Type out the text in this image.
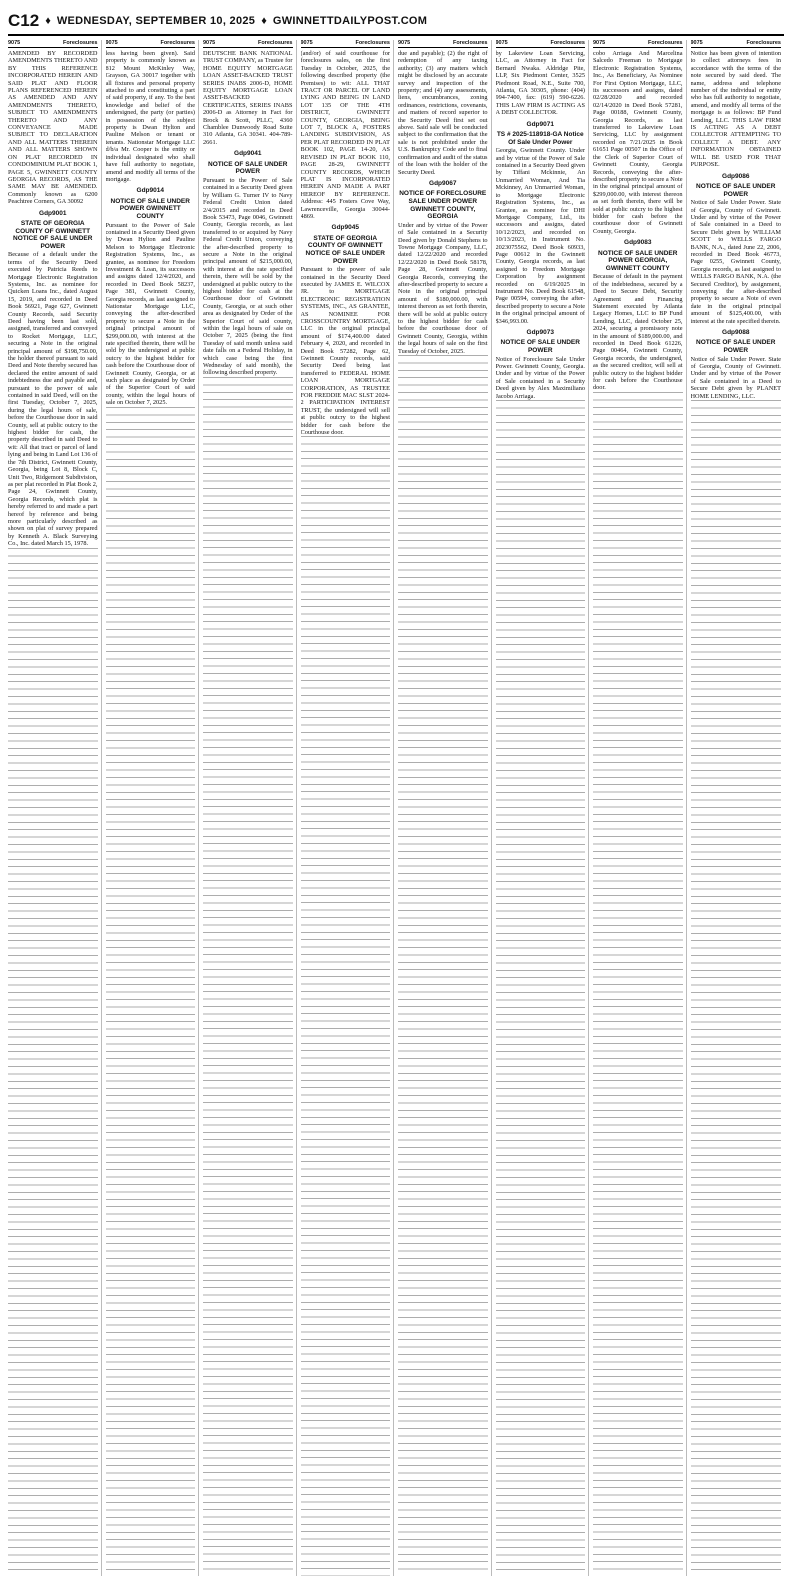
C12 ♦ WEDNESDAY, SEPTEMBER 10, 2025 ♦ GWINNETTDAILYPOST.COM
9075	Foreclosures
AMENDED BY RECORDED AMENDMENTS THERETO AND BY THIS REFERENCE INCORPORATED HEREIN AND SAID PLAT AND FLOOR PLANS REFERENCED HEREIN AS AMENDED AND ANY AMENDMENTS THERETO, SUBJECT TO AMENDMENTS THERETO AND ANY CONVEYANCE MADE SUBJECT TO DECLARATION AND ALL MATTERS THEREIN AND ALL MATTERS SHOWN ON PLAT RECORDED IN CONDOMINIUM PLAT BOOK 1, PAGE 5, GWINNETT COUNTY GEORGIA RECORDS, AS THE SAME MAY BE AMENDED. Commonly known as 6200 Peachtree Corners, GA 30092
Gdp9001
STATE OF GEORGIA COUNTY OF GWINNETT NOTICE OF SALE UNDER POWER
Because of a default under the terms of the Security Deed executed by Patricia Reeds to Mortgage Electronic Registration Systems, Inc. as nominee for Quicken Loans Inc., dated August 15, 2019, and recorded in Deed Book 56921, Page 627, Gwinnett County Records, said Security Deed having been last sold, assigned, transferred and conveyed to Rocket Mortgage, LLC, securing a Note in the original principal amount of $198,750.00, the holder thereof pursuant to said Deed and Note thereby secured has declared the entire amount of said indebtedness due and payable and, pursuant to the power of sale contained in said Deed, will on the first Tuesday, October 7, 2025, during the legal hours of sale, before the Courthouse door in said County, sell at public outcry to the highest bidder for cash, the property described in said Deed to wit: All that tract or parcel of land lying and being in Land Lot 136 of the 7th District, Gwinnett County, Georgia, being Lot 8, Block C, Unit Two, Ridgemont Subdivision, as per plat recorded in Plat Book 2, Page 24, Gwinnett County, Georgia Records, which plat is hereby referred to and made a part hereof by reference and being more particularly described as shown on plat of survey prepared by Kenneth A. Black Surveying Co., Inc. dated March 15, 1978.
9075	Foreclosures
less having been given). Said property is commonly known as 812 Mount McKinley Way, Grayson, GA 30017 together with all fixtures and personal property attached to and constituting a part of said property, if any. To the best knowledge and belief of the undersigned, the party (or parties) in possession of the subject property is Dwan Hylton and Pauline Melson or tenant or tenants. Nationstar Mortgage LLC d/b/a Mr. Cooper is the entity or individual designated who shall have full authority to negotiate, amend and modify all terms of the mortgage.
Gdp9014
NOTICE OF SALE UNDER POWER GWINNETT COUNTY
Pursuant to the Power of Sale contained in a Security Deed given by Dwan Hylton and Pauline Melson to Mortgage Electronic Registration Systems, Inc., as grantee, as nominee for Freedom Investment & Loan, its successors and assigns dated 12/4/2020, and recorded in Deed Book 58237, Page 381, Gwinnett County, Georgia records, as last assigned to Nationstar Mortgage LLC, conveying the after-described property to secure a Note in the original principal amount of $299,000.00, with interest at the rate specified therein, there will be sold by the undersigned at public outcry to the highest bidder for cash before the Courthouse door of Gwinnett County, Georgia, or at such place as designated by Order of the Superior Court of said county, within the legal hours of sale on October 7, 2025.
9075	Foreclosures
DEUTSCHE BANK NATIONAL TRUST COMPANY, as Trustee for HOME EQUITY MORTGAGE LOAN ASSET-BACKED TRUST SERIES INABS 2006-D, HOME EQUITY MORTGAGE LOAN ASSET-BACKED CERTIFICATES, SERIES INABS 2006-D as Attorney in Fact for Brock & Scott, PLLC, 4360 Chamblee Dunwoody Road Suite 310 Atlanta, GA 30341. 404-789-2661.
Gdp9041
NOTICE OF SALE UNDER POWER
Pursuant to the Power of Sale contained in a Security Deed given by William G. Turner IV to Navy Federal Credit Union dated 2/4/2015 and recorded in Deed Book 53473, Page 0046, Gwinnett County, Georgia records, as last transferred to or acquired by Navy Federal Credit Union, conveying the after-described property to secure a Note in the original principal amount of $215,000.00, with interest at the rate specified therein, there will be sold by the undersigned at public outcry to the highest bidder for cash at the Courthouse door of Gwinnett County, Georgia, or at such other area as designated by Order of the Superior Court of said county, within the legal hours of sale on October 7, 2025 (being the first Tuesday of said month unless said date falls on a Federal Holiday, in which case being the first Wednesday of said month), the following described property.
9075	Foreclosures
(and/or) of said courthouse for foreclosures sales, on the first Tuesday in October, 2025, the following described property (the Premises) to wit: ALL THAT TRACT OR PARCEL OF LAND LYING AND BEING IN LAND LOT 135 OF THE 4TH DISTRICT, GWINNETT COUNTY, GEORGIA, BEING LOT 7, BLOCK A, FOSTERS LANDING SUBDIVISION, AS PER PLAT RECORDED IN PLAT BOOK 102, PAGE 14-20, AS REVISED IN PLAT BOOK 110, PAGE 28-29, GWINNETT COUNTY RECORDS, WHICH PLAT IS INCORPORATED HEREIN AND MADE A PART HEREOF BY REFERENCE. Address: 445 Fosters Cove Way, Lawrenceville, Georgia 30044-4869.
Gdp9045
STATE OF GEORGIA COUNTY OF GWINNETT NOTICE OF SALE UNDER POWER
Pursuant to the power of sale contained in the Security Deed executed by JAMES E. WILCOX JR. to MORTGAGE ELECTRONIC REGISTRATION SYSTEMS, INC., AS GRANTEE, AS NOMINEE FOR CROSSCOUNTRY MORTGAGE, LLC in the original principal amount of $174,400.00 dated February 4, 2020, and recorded in Deed Book 57282, Page 62, Gwinnett County records, said Security Deed being last transferred to FEDERAL HOME LOAN MORTGAGE CORPORATION, AS TRUSTEE FOR FREDDIE MAC SLST 2024-2 PARTICIPATION INTEREST TRUST, the undersigned will sell at public outcry to the highest bidder for cash before the Courthouse door.
9075	Foreclosures
due and payable); (2) the right of redemption of any taxing authority; (3) any matters which might be disclosed by an accurate survey and inspection of the property; and (4) any assessments, liens, encumbrances, zoning ordinances, restrictions, covenants, and matters of record superior to the Security Deed first set out above. Said sale will be conducted subject to the confirmation that the sale is not prohibited under the U.S. Bankruptcy Code and to final confirmation and audit of the status of the loan with the holder of the Security Deed.
Gdp9067
NOTICE OF FORECLOSURE SALE UNDER POWER GWINNETT COUNTY, GEORGIA
Under and by virtue of the Power of Sale contained in a Security Deed given by Donald Stephens to Towne Mortgage Company, LLC, dated 12/22/2020 and recorded 12/22/2020 in Deed Book 58178, Page 28, Gwinnett County, Georgia Records, conveying the after-described property to secure a Note in the original principal amount of $180,000.00, with interest thereon as set forth therein, there will be sold at public outcry to the highest bidder for cash before the courthouse door of Gwinnett County, Georgia, within the legal hours of sale on the first Tuesday of October, 2025.
9075	Foreclosures
by Lakeview Loan Servicing, LLC, as Attorney in Fact for Bernard Nwaka. Aldridge Pite, LLP, Six Piedmont Center, 3525 Piedmont Road, N.E., Suite 700, Atlanta, GA 30305, phone: (404) 994-7400, fax: (619) 590-6226. THIS LAW FIRM IS ACTING AS A DEBT COLLECTOR.
Gdp9071
TS # 2025-118918-GA Notice Of Sale Under Power
Georgia, Gwinnett County. Under and by virtue of the Power of Sale contained in a Security Deed given by Tiffani Mckinnie, An Unmarried Woman, And Tia Mckinney, An Unmarried Woman, to Mortgage Electronic Registration Systems, Inc., as Grantee, as nominee for DHI Mortgage Company, Ltd., its successors and assigns, dated 10/12/2023, and recorded on 10/13/2023, in Instrument No. 2023075562, Deed Book 60933, Page 00612 in the Gwinnett County, Georgia records, as last assigned to Freedom Mortgage Corporation by assignment recorded on 6/19/2025 in Instrument No. Deed Book 61548, Page 00594, conveying the after-described property to secure a Note in the original principal amount of $346,993.00.
Gdp9073
NOTICE OF SALE UNDER POWER
Notice of Foreclosure Sale Under Power. Gwinnett County, Georgia. Under and by virtue of the Power of Sale contained in a Security Deed given by Alex Maximiliano Jacobo Arriaga.
9075	Foreclosures
cobo Arriaga And Marcelina Salcedo Freeman to Mortgage Electronic Registration Systems, Inc., As Beneficiary, As Nominee For First Option Mortgage, LLC, its successors and assigns, dated 02/28/2020 and recorded 02/14/2020 in Deed Book 57281, Page 00188, Gwinnett County, Georgia Records, as last transferred to Lakeview Loan Servicing, LLC by assignment recorded on 7/21/2025 in Book 61651 Page 00507 in the Office of the Clerk of Superior Court of Gwinnett County, Georgia Records, conveying the after-described property to secure a Note in the original principal amount of $299,000.00, with interest thereon as set forth therein, there will be sold at public outcry to the highest bidder for cash before the courthouse door of Gwinnett County, Georgia.
Gdp9083
NOTICE OF SALE UNDER POWER GEORGIA, GWINNETT COUNTY
Because of default in the payment of the indebtedness, secured by a Deed to Secure Debt, Security Agreement and Financing Statement executed by Atlanta Legacy Homes, LLC to BP Fund Lending, LLC, dated October 25, 2024, securing a promissory note in the amount of $189,000.00, and recorded in Deed Book 61226, Page 00464, Gwinnett County, Georgia records, the undersigned, as the secured creditor, will sell at public outcry to the highest bidder for cash before the Courthouse door.
9075	Foreclosures
Notice has been given of intention to collect attorneys fees in accordance with the terms of the note secured by said deed. The name, address and telephone number of the individual or entity who has full authority to negotiate, amend, and modify all terms of the mortgage is as follows: BP Fund Lending, LLC. THIS LAW FIRM IS ACTING AS A DEBT COLLECTOR ATTEMPTING TO COLLECT A DEBT. ANY INFORMATION OBTAINED WILL BE USED FOR THAT PURPOSE.
Gdp9086
NOTICE OF SALE UNDER POWER
Notice of Sale Under Power. State of Georgia, County of Gwinnett. Under and by virtue of the Power of Sale contained in a Deed to Secure Debt given by WILLIAM SCOTT to WELLS FARGO BANK, N.A., dated June 22, 2006, recorded in Deed Book 46773, Page 0255, Gwinnett County, Georgia records, as last assigned to WELLS FARGO BANK, N.A. (the Secured Creditor), by assignment, conveying the after-described property to secure a Note of even date in the original principal amount of $125,400.00, with interest at the rate specified therein.
Gdp9088
NOTICE OF SALE UNDER POWER
Notice of Sale Under Power. State of Georgia, County of Gwinnett. Under and by virtue of the Power of Sale contained in a Deed to Secure Debt given by PLANET HOME LENDING, LLC.
